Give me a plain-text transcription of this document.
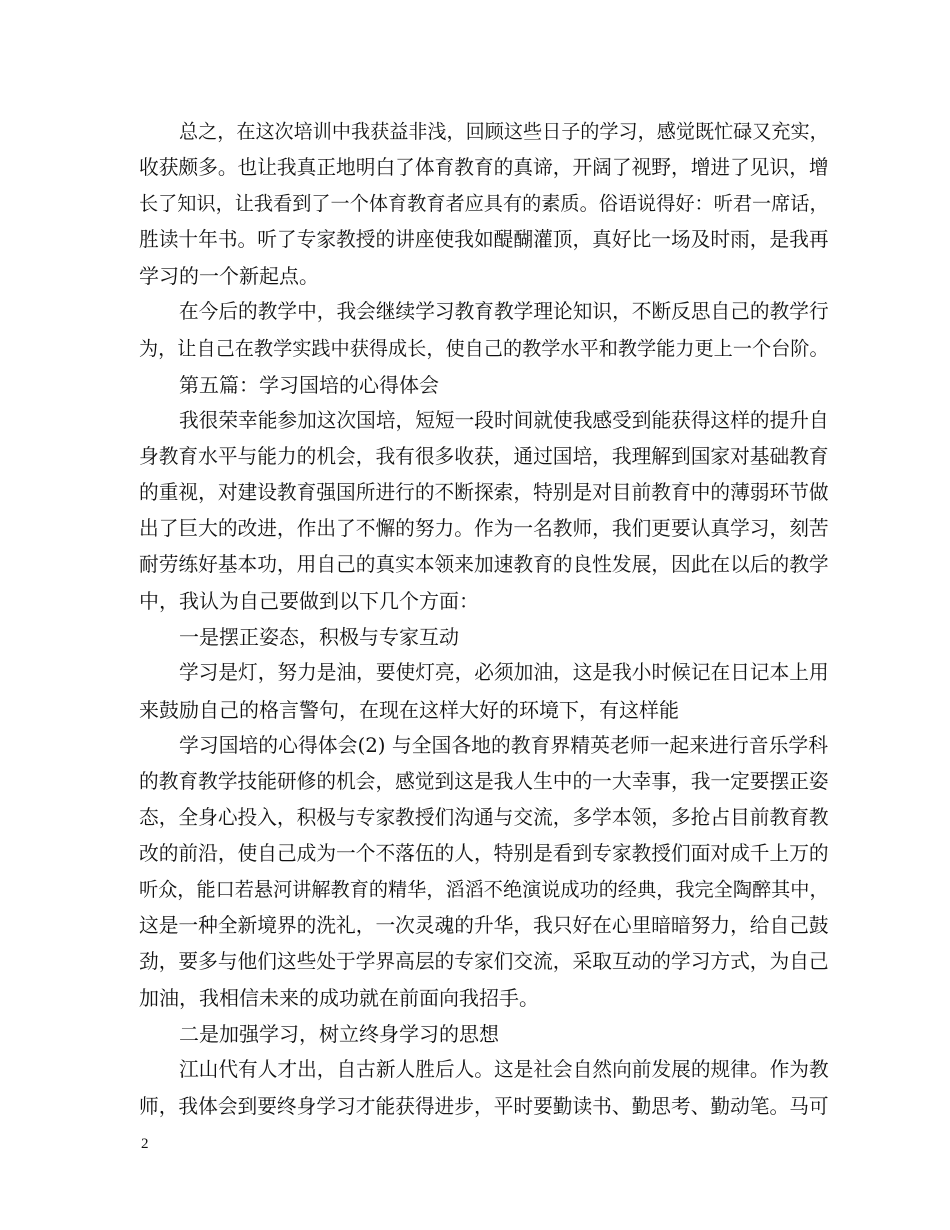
总之，在这次培训中我获益非浅，回顾这些日子的学习，感觉既忙碌又充实，
收获颇多。也让我真正地明白了体育教育的真谛，开阔了视野，增进了见识，增
长了知识，让我看到了一个体育教育者应具有的素质。俗语说得好：听君一席话，
胜读十年书。听了专家教授的讲座使我如醍醐灌顶，真好比一场及时雨，是我再
学习的一个新起点。
在今后的教学中，我会继续学习教育教学理论知识，不断反思自己的教学行
为，让自己在教学实践中获得成长，使自己的教学水平和教学能力更上一个台阶。
第五篇：学习国培的心得体会
我很荣幸能参加这次国培，短短一段时间就使我感受到能获得这样的提升自
身教育水平与能力的机会，我有很多收获，通过国培，我理解到国家对基础教育
的重视，对建设教育强国所进行的不断探索，特别是对目前教育中的薄弱环节做
出了巨大的改进，作出了不懈的努力。作为一名教师，我们更要认真学习，刻苦
耐劳练好基本功，用自己的真实本领来加速教育的良性发展，因此在以后的教学
中，我认为自己要做到以下几个方面：
一是摆正姿态，积极与专家互动
学习是灯，努力是油，要使灯亮，必须加油，这是我小时候记在日记本上用
来鼓励自己的格言警句，在现在这样大好的环境下，有这样能
学习国培的心得体会(2) 与全国各地的教育界精英老师一起来进行音乐学科
的教育教学技能研修的机会，感觉到这是我人生中的一大幸事，我一定要摆正姿
态，全身心投入，积极与专家教授们沟通与交流，多学本领，多抢占目前教育教
改的前沿，使自己成为一个不落伍的人，特别是看到专家教授们面对成千上万的
听众，能口若悬河讲解教育的精华，滔滔不绝演说成功的经典，我完全陶醉其中，
这是一种全新境界的洗礼，一次灵魂的升华，我只好在心里暗暗努力，给自己鼓
劲，要多与他们这些处于学界高层的专家们交流，采取互动的学习方式，为自己
加油，我相信未来的成功就在前面向我招手。
二是加强学习，树立终身学习的思想
江山代有人才出，自古新人胜后人。这是社会自然向前发展的规律。作为教
师，我体会到要终身学习才能获得进步，平时要勤读书、勤思考、勤动笔。马可
2
